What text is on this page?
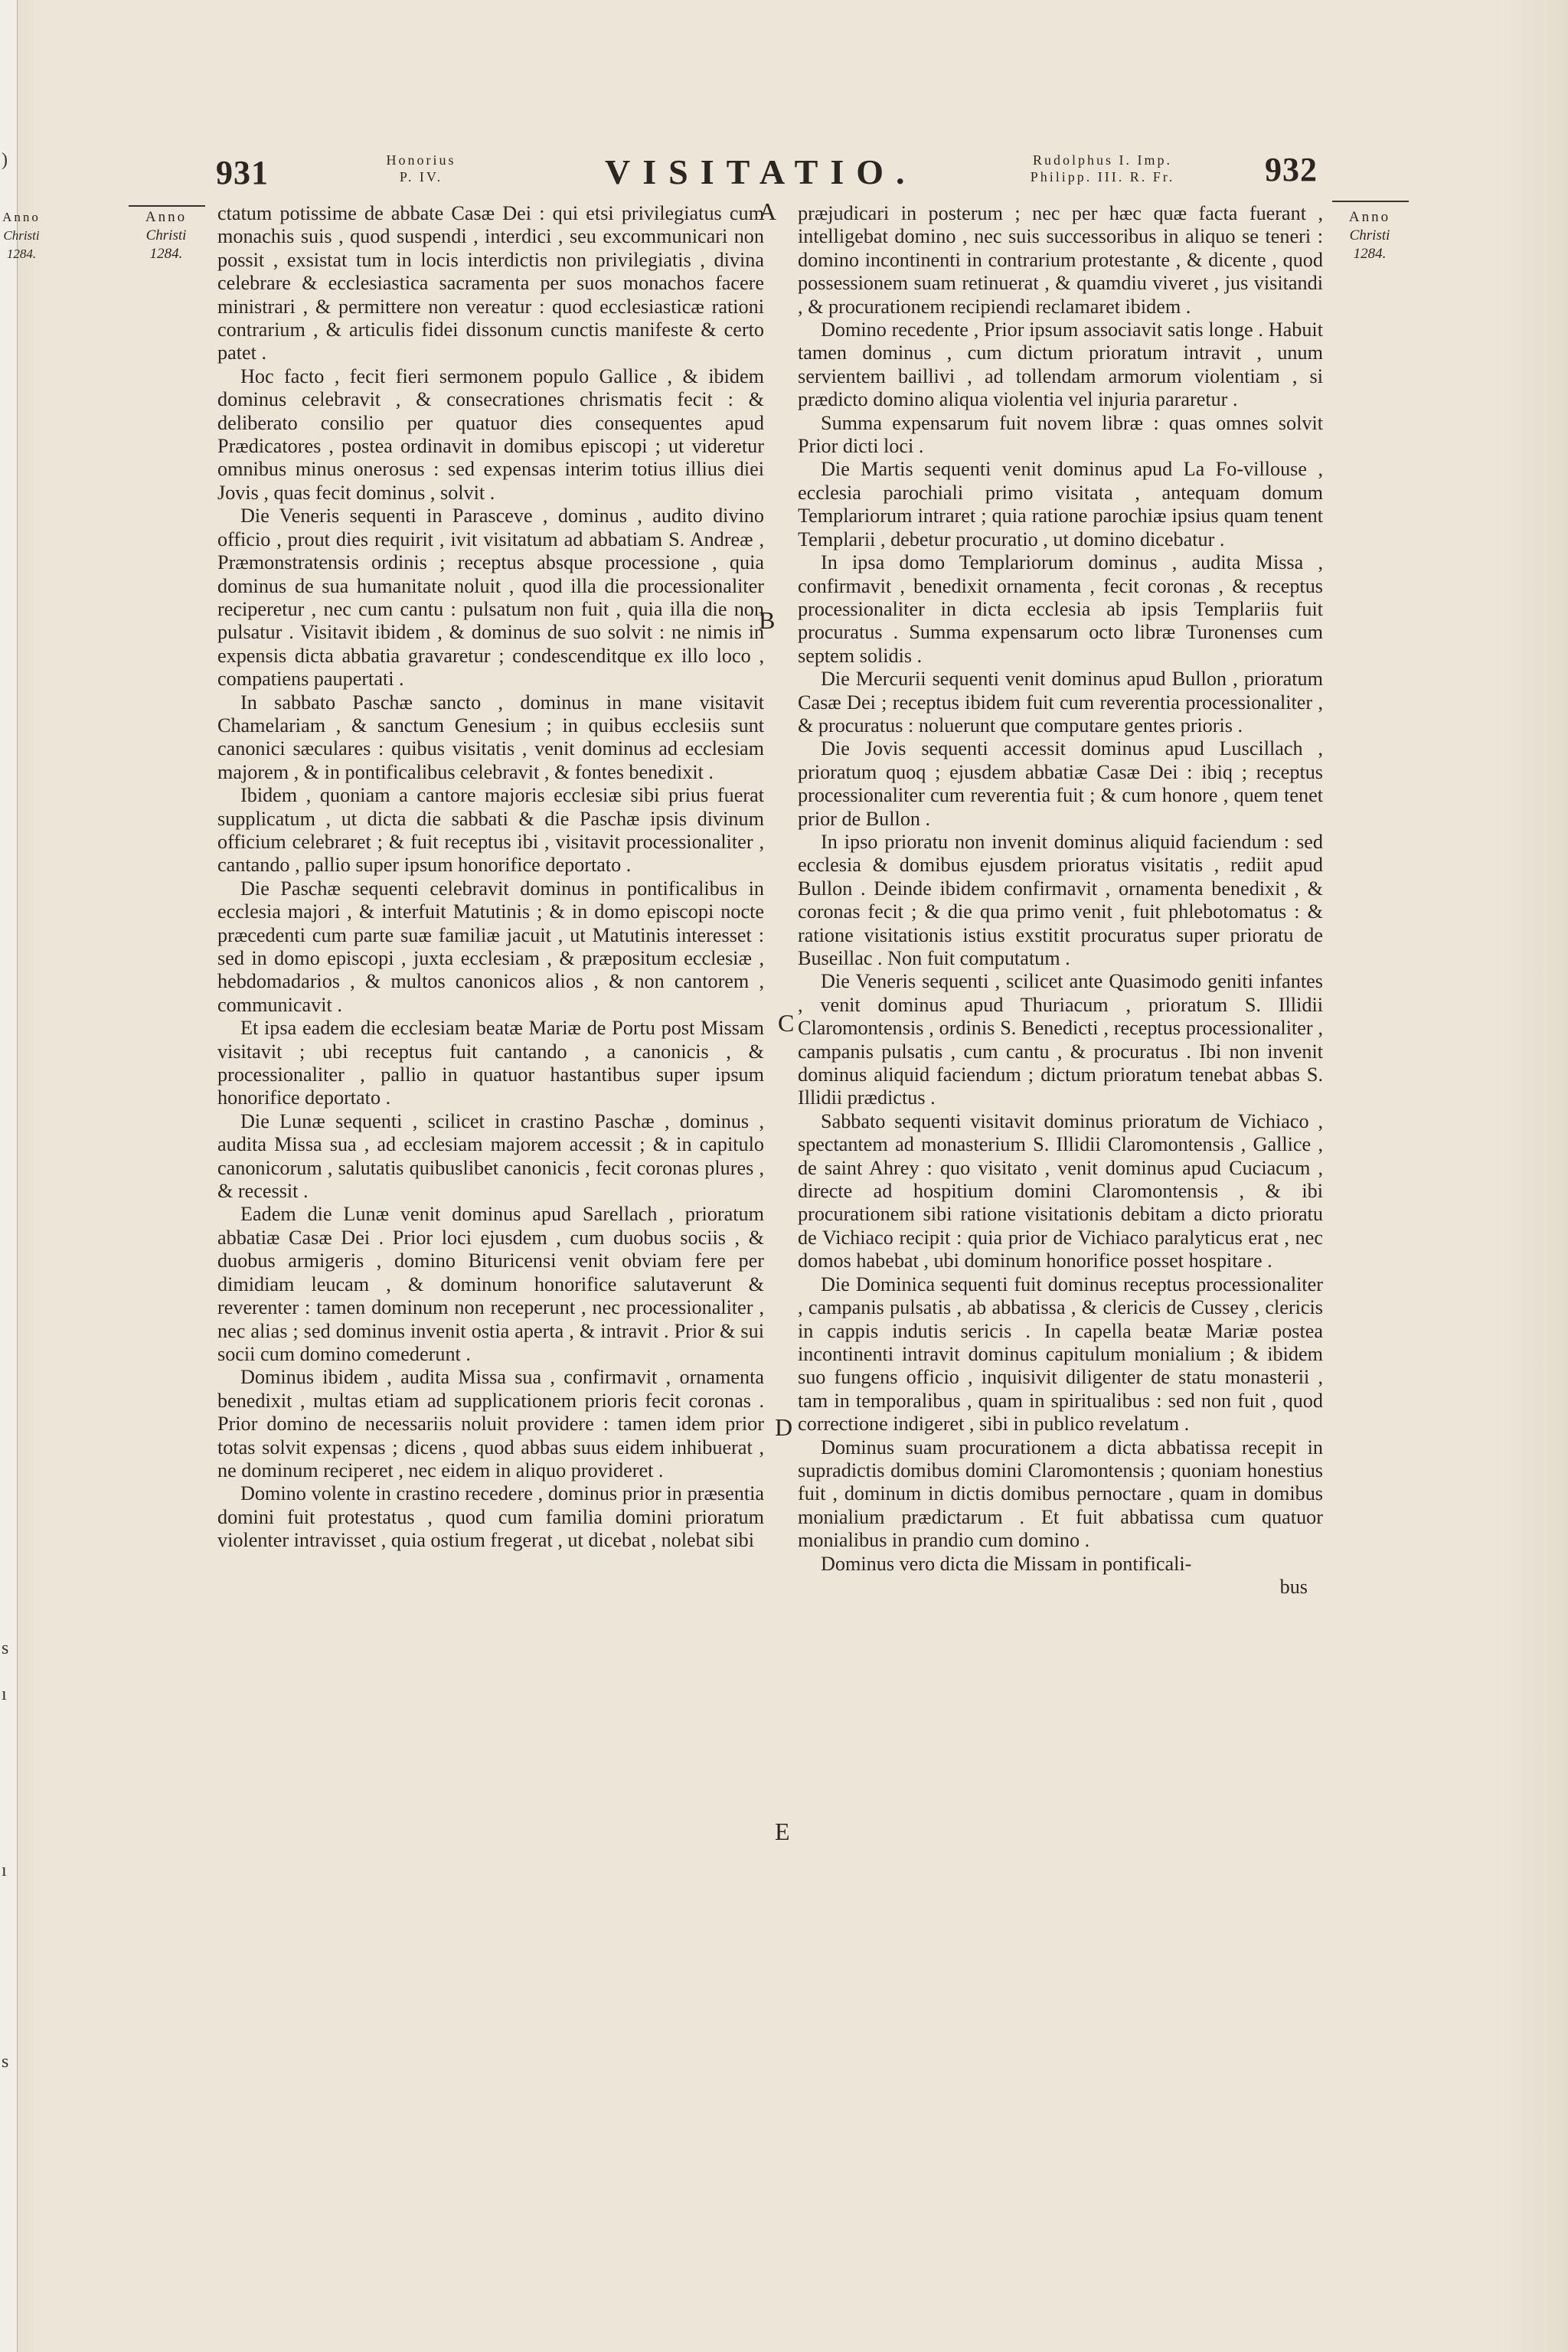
)
s
ı
ı
s
Anno
Christi
1284.
931	Honorius
P. IV.	VISITATIO.	Rudolphus I. Imp.
Philipp. III. R. Fr.	932
Anno
Christi
1284.
Anno
Christi
1284.
A
B
C
D
E

ctatum potissime de abbate Casæ Dei : qui etsi privilegiatus cum monachis suis , quod suspendi , interdici , seu excommunicari non possit , exsistat tum in locis interdictis non privilegiatis , divina celebrare & ecclesiastica sacramenta per suos monachos facere ministrari , & permittere non vereatur : quod ecclesiasticæ rationi contrarium , & articulis fidei dissonum cunctis manifeste & certo patet .

Hoc facto , fecit fieri sermonem populo Gallice , & ibidem dominus celebravit , & consecrationes chrismatis fecit : & deliberato consilio per quatuor dies consequentes apud Prædicatores , postea ordinavit in domibus episcopi ; ut videretur omnibus minus onerosus : sed expensas interim totius illius diei Jovis , quas fecit dominus , solvit .

Die Veneris sequenti in Parasceve , dominus , audito divino officio , prout dies requirit , ivit visitatum ad abbatiam S. Andreæ , Præmonstratensis ordinis ; receptus absque processione , quia dominus de sua humanitate noluit , quod illa die processionaliter reciperetur , nec cum cantu : pulsatum non fuit , quia illa die non pulsatur . Visitavit ibidem , & dominus de suo solvit : ne nimis in expensis dicta abbatia gravaretur ; condescenditque ex illo loco , compatiens paupertati .

In sabbato Paschæ sancto , dominus in mane visitavit Chamelariam , & sanctum Genesium ; in quibus ecclesiis sunt canonici sæculares : quibus visitatis , venit dominus ad ecclesiam majorem , & in pontificalibus celebravit , & fontes benedixit .

Ibidem , quoniam a cantore majoris ecclesiæ sibi prius fuerat supplicatum , ut dicta die sabbati & die Paschæ ipsis divinum officium celebraret ; & fuit receptus ibi , visitavit processionaliter , cantando , pallio super ipsum honorifice deportato .

Die Paschæ sequenti celebravit dominus in pontificalibus in ecclesia majori , & interfuit Matutinis ; & in domo episcopi nocte præcedenti cum parte suæ familiæ jacuit , ut Matutinis interesset : sed in domo episcopi , juxta ecclesiam , & præpositum ecclesiæ , hebdomadarios , & multos canonicos alios , & non cantorem , communicavit .

Et ipsa eadem die ecclesiam beatæ Mariæ de Portu post Missam visitavit ; ubi receptus fuit cantando , a canonicis , & processionaliter , pallio in quatuor hastantibus super ipsum honorifice deportato .

Die Lunæ sequenti , scilicet in crastino Paschæ , dominus , audita Missa sua , ad ecclesiam majorem accessit ; & in capitulo canonicorum , salutatis quibuslibet canonicis , fecit coronas plures , & recessit .

Eadem die Lunæ venit dominus apud Sarellach , prioratum abbatiæ Casæ Dei . Prior loci ejusdem , cum duobus sociis , & duobus armigeris , domino Bituricensi venit obviam fere per dimidiam leucam , & dominum honorifice salutaverunt & reverenter : tamen dominum non receperunt , nec processionaliter , nec alias ; sed dominus invenit ostia aperta , & intravit . Prior & sui socii cum domino comederunt .

Dominus ibidem , audita Missa sua , confirmavit , ornamenta benedixit , multas etiam ad supplicationem prioris fecit coronas . Prior domino de necessariis noluit providere : tamen idem prior totas solvit expensas ; dicens , quod abbas suus eidem inhibuerat , ne dominum reciperet , nec eidem in aliquo provideret .

Domino volente in crastino recedere , dominus prior in præsentia domini fuit protestatus , quod cum familia domini prioratum violenter intravisset , quia ostium fregerat , ut dicebat , nolebat sibi

præjudicari in posterum ; nec per hæc quæ facta fuerant , intelligebat domino , nec suis successoribus in aliquo se teneri : domino incontinenti in contrarium protestante , & dicente , quod possessionem suam retinuerat , & quamdiu viveret , jus visitandi , & procurationem recipiendi reclamaret ibidem .

Domino recedente , Prior ipsum associavit satis longe . Habuit tamen dominus , cum dictum prioratum intravit , unum servientem baillivi , ad tollendam armorum violentiam , si prædicto domino aliqua violentia vel injuria pararetur .

Summa expensarum fuit novem libræ : quas omnes solvit Prior dicti loci .

Die Martis sequenti venit dominus apud La Fo-villouse , ecclesia parochiali primo visitata , antequam domum Templariorum intraret ; quia ratione parochiæ ipsius quam tenent Templarii , debetur procuratio , ut domino dicebatur .

In ipsa domo Templariorum dominus , audita Missa , confirmavit , benedixit ornamenta , fecit coronas , & receptus processionaliter in dicta ecclesia ab ipsis Templariis fuit procuratus . Summa expensarum octo libræ Turonenses cum septem solidis .

Die Mercurii sequenti venit dominus apud Bullon , prioratum Casæ Dei ; receptus ibidem fuit cum reverentia processionaliter , & procuratus : noluerunt que computare gentes prioris .

Die Jovis sequenti accessit dominus apud Luscillach , prioratum quoq ; ejusdem abbatiæ Casæ Dei : ibiq ; receptus processionaliter cum reverentia fuit ; & cum honore , quem tenet prior de Bullon .

In ipso prioratu non invenit dominus aliquid faciendum : sed ecclesia & domibus ejusdem prioratus visitatis , rediit apud Bullon . Deinde ibidem confirmavit , ornamenta benedixit , & coronas fecit ; & die qua primo venit , fuit phlebotomatus : & ratione visitationis istius exstitit procuratus super prioratu de Buseillac . Non fuit computatum .

Die Veneris sequenti , scilicet ante Quasimodo geniti infantes , venit dominus apud Thuriacum , prioratum S. Illidii Claromontensis , ordinis S. Benedicti , receptus processionaliter , campanis pulsatis , cum cantu , & procuratus . Ibi non invenit dominus aliquid faciendum ; dictum prioratum tenebat abbas S. Illidii prædictus .

Sabbato sequenti visitavit dominus prioratum de Vichiaco , spectantem ad monasterium S. Illidii Claromontensis , Gallice , de saint Ahrey : quo visitato , venit dominus apud Cuciacum , directe ad hospitium domini Claromontensis , & ibi procurationem sibi ratione visitationis debitam a dicto prioratu de Vichiaco recipit : quia prior de Vichiaco paralyticus erat , nec domos habebat , ubi dominum honorifice posset hospitare .

Die Dominica sequenti fuit dominus receptus processionaliter , campanis pulsatis , ab abbatissa , & clericis de Cussey , clericis in cappis indutis sericis . In capella beatæ Mariæ postea incontinenti intravit dominus capitulum monialium ; & ibidem suo fungens officio , inquisivit diligenter de statu monasterii , tam in temporalibus , quam in spiritualibus : sed non fuit , quod correctione indigeret , sibi in publico revelatum .

Dominus suam procurationem a dicta abbatissa recepit in supradictis domibus domini Claromontensis ; quoniam honestius fuit , dominum in dictis domibus pernoctare , quam in domibus monialium prædictarum . Et fuit abbatissa cum quatuor monialibus in prandio cum domino .

Dominus vero dicta die Missam in pontificali-

bus
